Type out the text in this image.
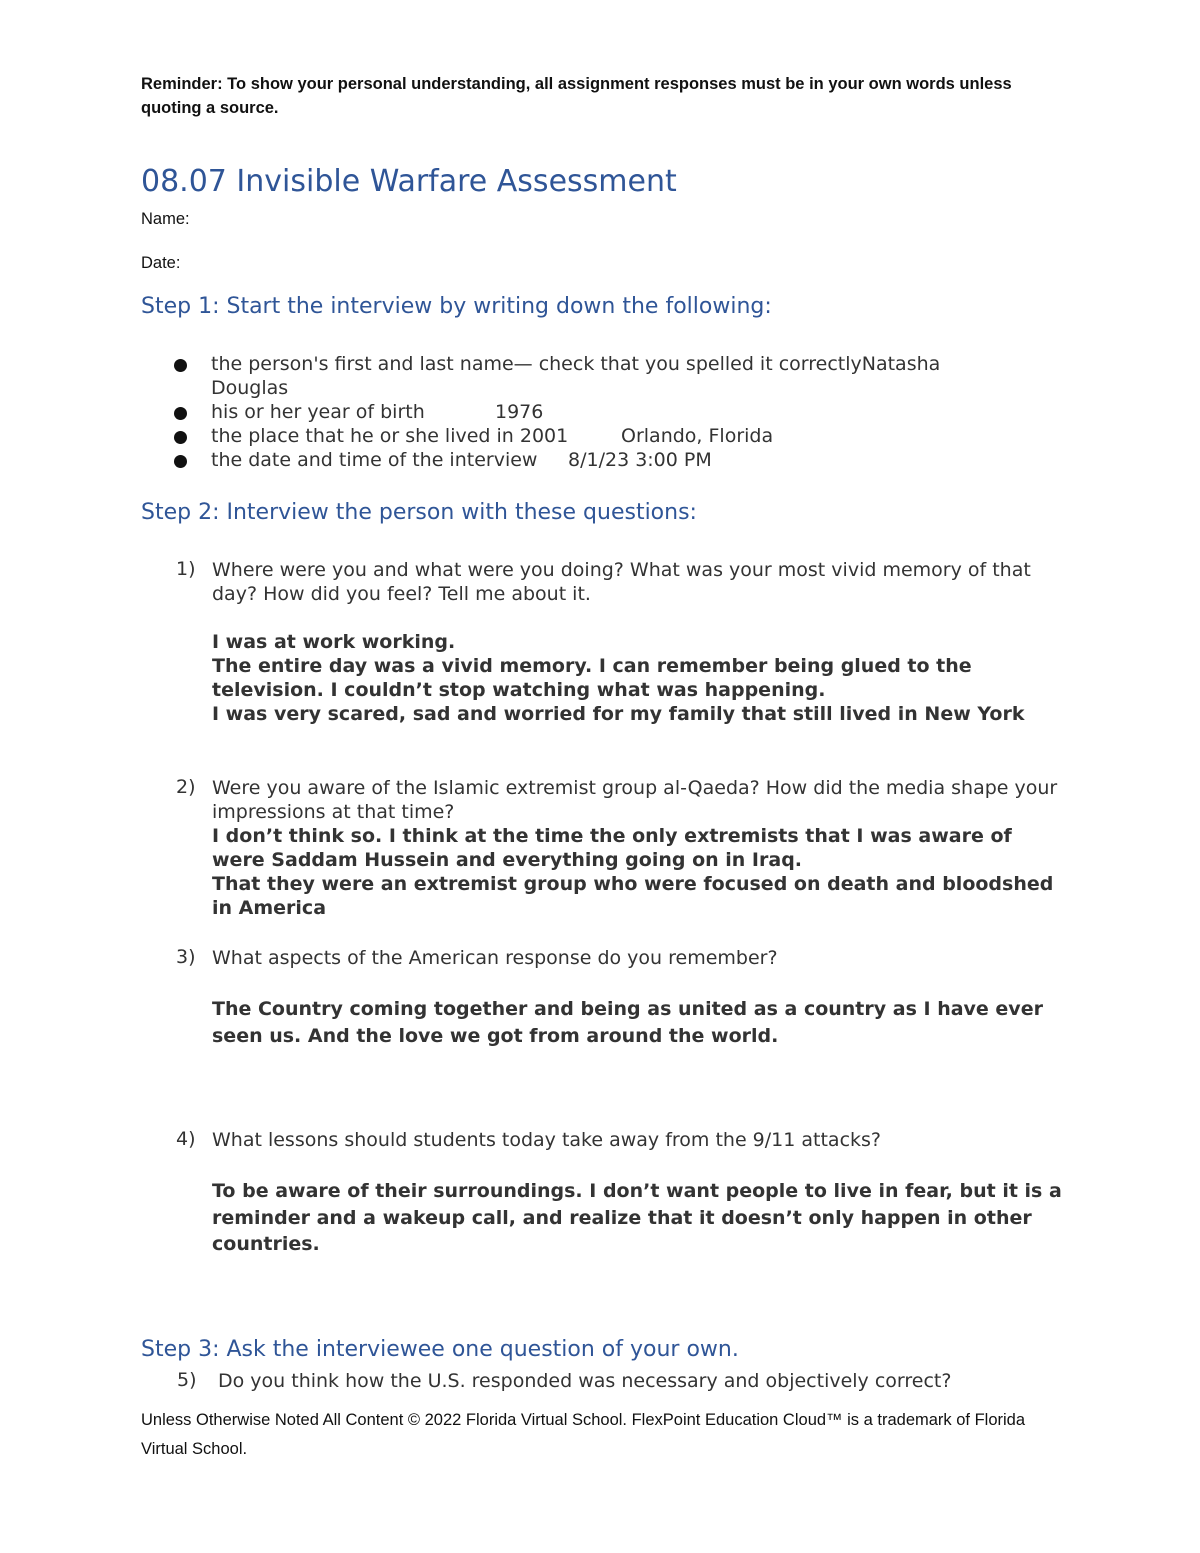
Reminder: To show your personal understanding, all assignment responses must be in your own words unless quoting a source.
08.07 Invisible Warfare Assessment
Name:
Date:
Step 1: Start the interview by writing down the following:
the person's first and last name— check that you spelled it correctlyNatasha Douglas
his or her year of birth	1976
the place that he or she lived in 2001	Orlando, Florida
the date and time of the interview 8/1/23 3:00 PM
Step 2: Interview the person with these questions:
1) Where were you and what were you doing? What was your most vivid memory of that day? How did you feel? Tell me about it.

I was at work working.

The entire day was a vivid memory. I can remember being glued to the television. I couldn’t stop watching what was happening.

I was very scared, sad and worried for my family that still lived in New York

2) Were you aware of the Islamic extremist group al-Qaeda? How did the media shape your impressions at that time?

I don’t think so. I think at the time the only extremists that I was aware of were Saddam Hussein and everything going on in Iraq.

That they were an extremist group who were focused on death and bloodshed in America

3) What aspects of the American response do you remember?

The Country coming together and being as united as a country as I have ever seen us. And the love we got from around the world.

4) What lessons should students today take away from the 9/11 attacks?

To be aware of their surroundings. I don’t want people to live in fear, but it is a reminder and a wakeup call, and realize that it doesn’t only happen in other countries.

Step 3: Ask the interviewee one question of your own.
5) Do you think how the U.S. responded was necessary and objectively correct?
Unless Otherwise Noted All Content © 2022 Florida Virtual School. FlexPoint Education Cloud™ is a trademark of Florida Virtual School.
